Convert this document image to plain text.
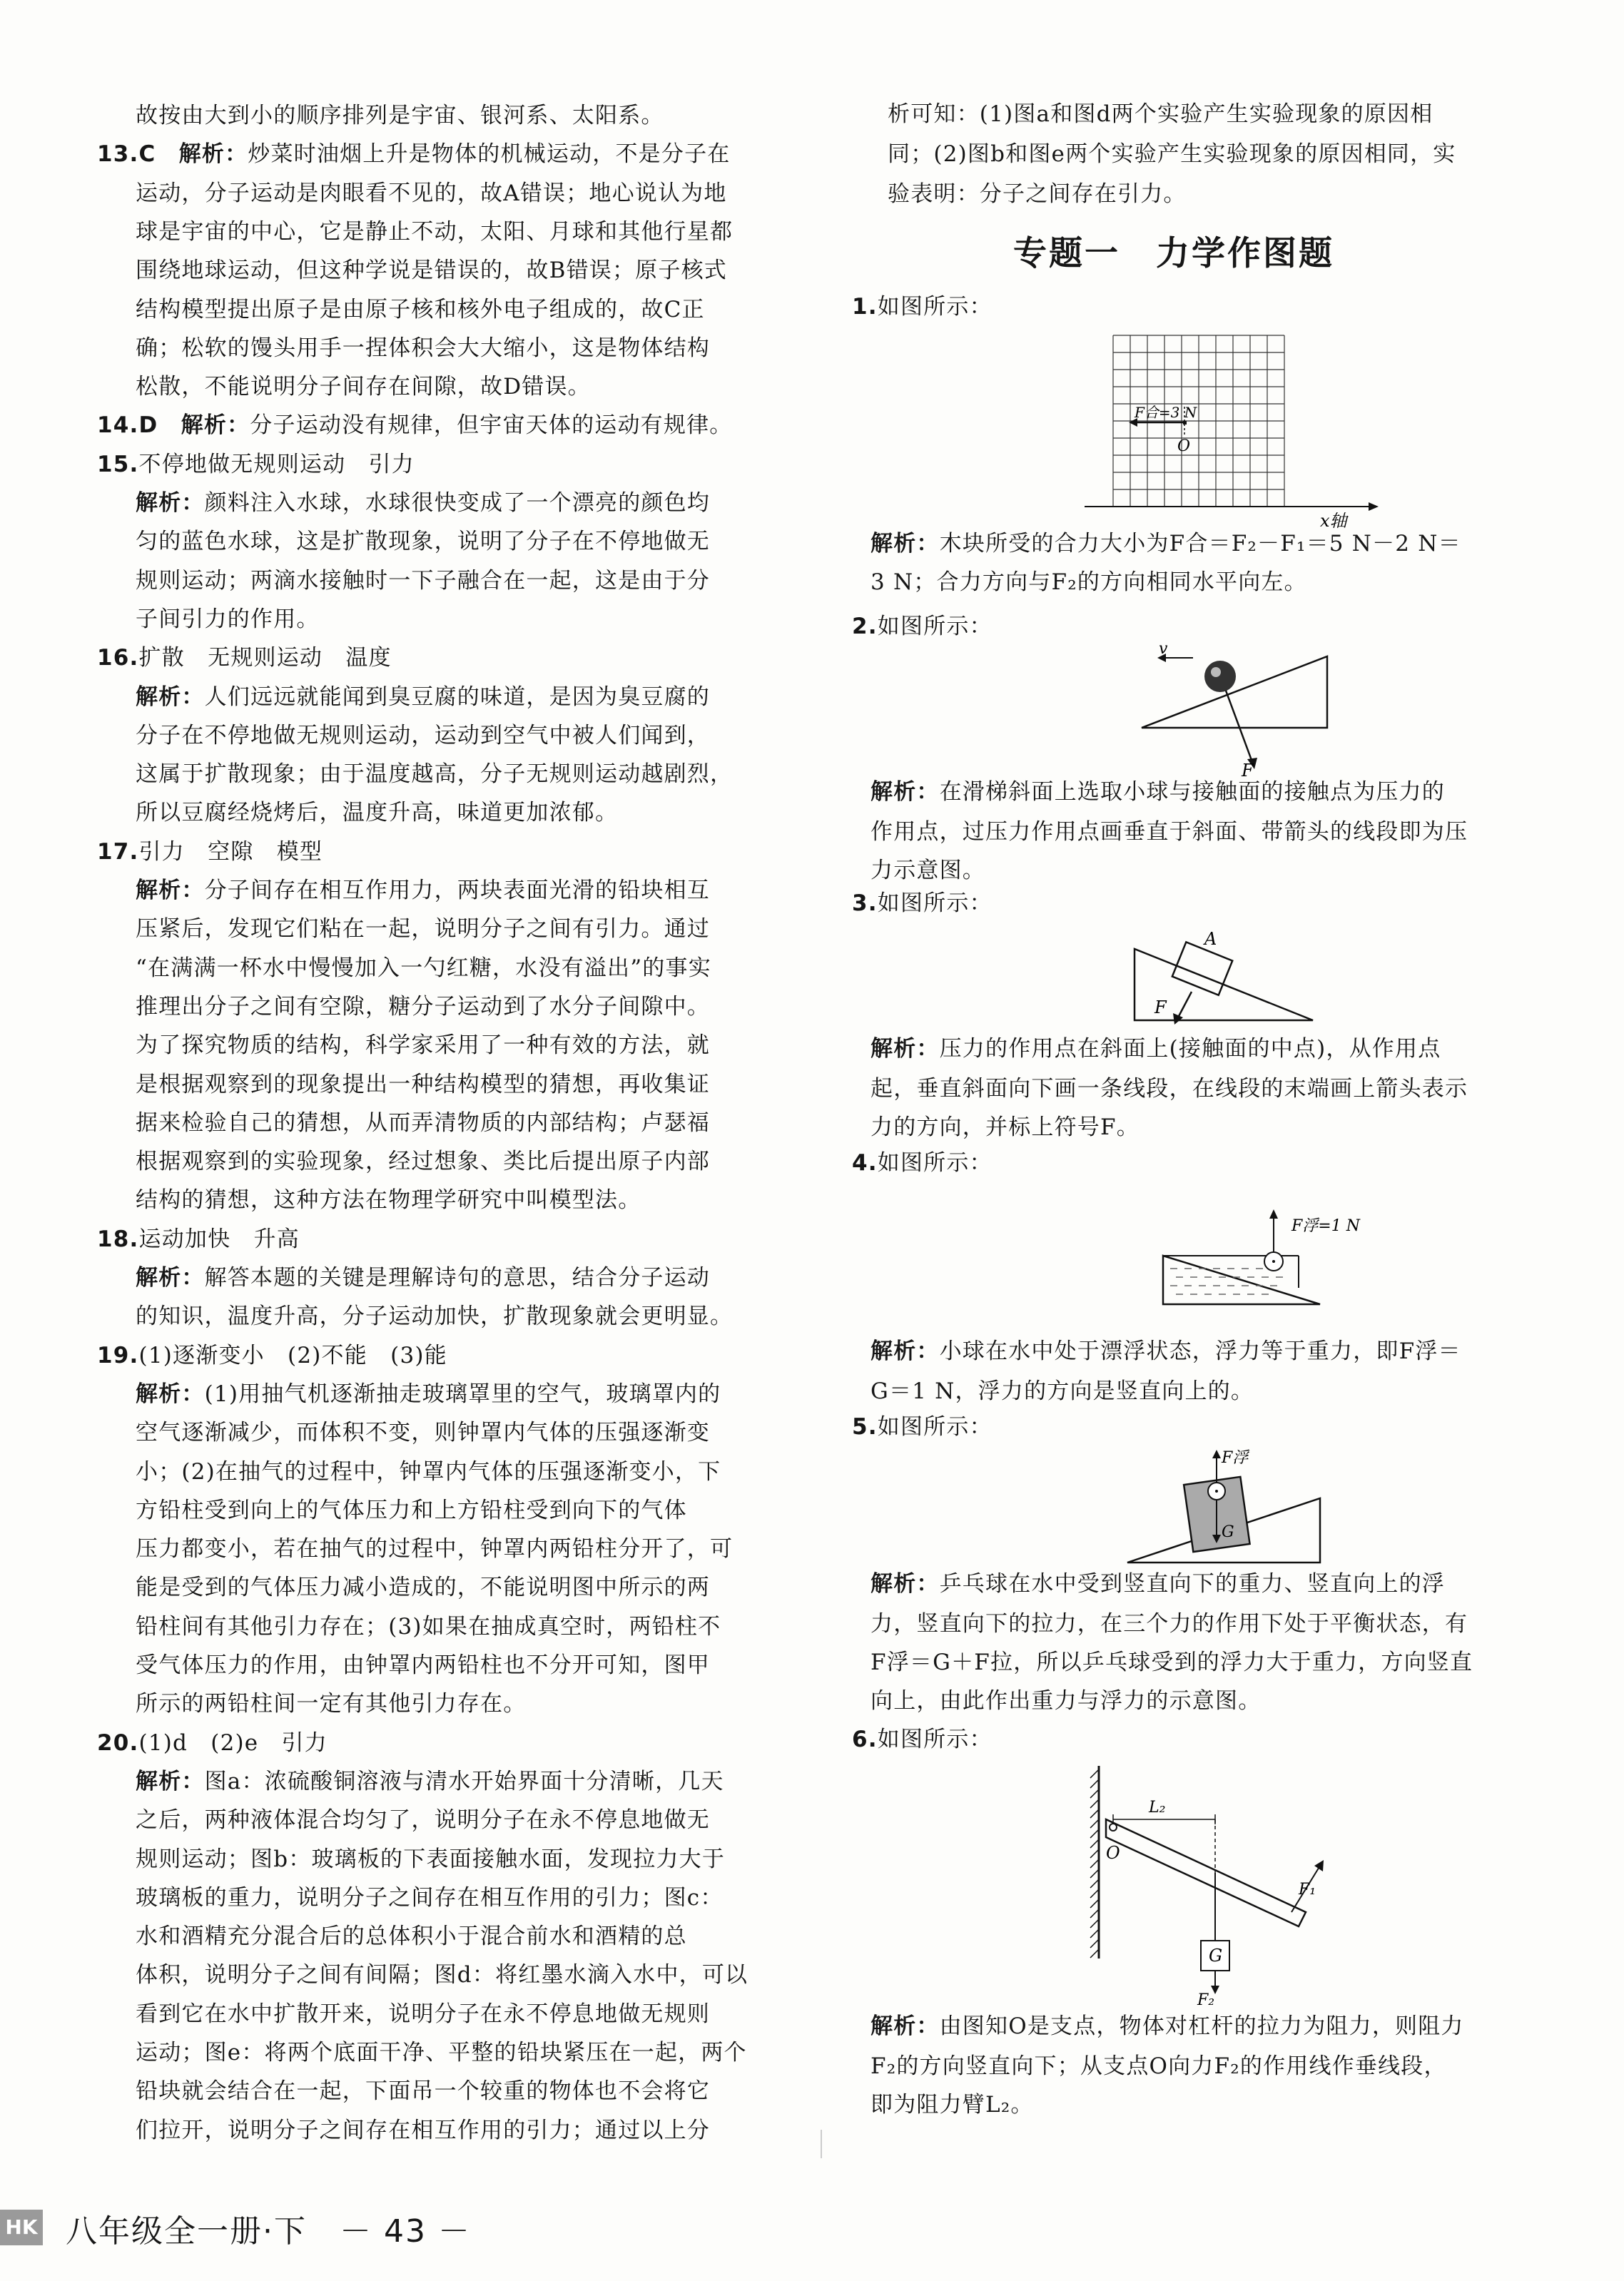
故按由大到小的顺序排列是宇宙、银河系、太阳系。
13.C　 解析：炒菜时油烟上升是物体的机械运动，不是分子在
运动，分子运动是肉眼看不见的，故A错误；地心说认为地
球是宇宙的中心，它是静止不动，太阳、月球和其他行星都
围绕地球运动，但这种学说是错误的，故B错误；原子核式
结构模型提出原子是由原子核和核外电子组成的，故C正
确；松软的馒头用手一捏体积会大大缩小，这是物体结构
松散，不能说明分子间存在间隙，故D错误。
14.D　 解析：分子运动没有规律，但宇宙天体的运动有规律。
15.不停地做无规则运动　引力
解析：颜料注入水球，水球很快变成了一个漂亮的颜色均
匀的蓝色水球，这是扩散现象，说明了分子在不停地做无
规则运动；两滴水接触时一下子融合在一起，这是由于分
子间引力的作用。
16.扩散　无规则运动　温度
解析：人们远远就能闻到臭豆腐的味道，是因为臭豆腐的
分子在不停地做无规则运动，运动到空气中被人们闻到，
这属于扩散现象；由于温度越高，分子无规则运动越剧烈，
所以豆腐经烧烤后，温度升高，味道更加浓郁。
17.引力　空隙　模型
解析：分子间存在相互作用力，两块表面光滑的铅块相互
压紧后，发现它们粘在一起，说明分子之间有引力。通过
“在满满一杯水中慢慢加入一勺红糖，水没有溢出”的事实
推理出分子之间有空隙，糖分子运动到了水分子间隙中。
为了探究物质的结构，科学家采用了一种有效的方法，就
是根据观察到的现象提出一种结构模型的猜想，再收集证
据来检验自己的猜想，从而弄清物质的内部结构；卢瑟福
根据观察到的实验现象，经过想象、类比后提出原子内部
结构的猜想，这种方法在物理学研究中叫模型法。
18.运动加快　升高
解析：解答本题的关键是理解诗句的意思，结合分子运动
的知识，温度升高，分子运动加快，扩散现象就会更明显。
19.(1)逐渐变小　(2)不能　(3)能
解析：(1)用抽气机逐渐抽走玻璃罩里的空气，玻璃罩内的
空气逐渐减少，而体积不变，则钟罩内气体的压强逐渐变
小；(2)在抽气的过程中，钟罩内气体的压强逐渐变小，下
方铅柱受到向上的气体压力和上方铅柱受到向下的气体
压力都变小，若在抽气的过程中，钟罩内两铅柱分开了，可
能是受到的气体压力减小造成的，不能说明图中所示的两
铅柱间有其他引力存在；(3)如果在抽成真空时，两铅柱不
受气体压力的作用，由钟罩内两铅柱也不分开可知，图甲
所示的两铅柱间一定有其他引力存在。
20.(1)d　(2)e　引力
解析：图a：浓硫酸铜溶液与清水开始界面十分清晰，几天
之后，两种液体混合均匀了，说明分子在永不停息地做无
规则运动；图b：玻璃板的下表面接触水面，发现拉力大于
玻璃板的重力，说明分子之间存在相互作用的引力；图c：
水和酒精充分混合后的总体积小于混合前水和酒精的总
体积，说明分子之间有间隔；图d：将红墨水滴入水中，可以
看到它在水中扩散开来，说明分子在永不停息地做无规则
运动；图e：将两个底面干净、平整的铅块紧压在一起，两个
铅块就会结合在一起，下面吊一个较重的物体也不会将它
们拉开，说明分子之间存在相互作用的引力；通过以上分
析可知：(1)图a和图d两个实验产生实验现象的原因相
同；(2)图b和图e两个实验产生实验现象的原因相同，实
验表明：分子之间存在引力。
专题一　力学作图题
1.如图所示：
F合=3 N
O
x轴
解析：木块所受的合力大小为F合＝F₂－F₁＝5 N－2 N＝
3 N；合力方向与F₂的方向相同水平向左。
2.如图所示：
v
F
解析：在滑梯斜面上选取小球与接触面的接触点为压力的
作用点，过压力作用点画垂直于斜面、带箭头的线段即为压
力示意图。
3.如图所示：
A
F
解析：压力的作用点在斜面上(接触面的中点)，从作用点
起，垂直斜面向下画一条线段，在线段的末端画上箭头表示
力的方向，并标上符号F。
4.如图所示：
F浮=1 N
解析：小球在水中处于漂浮状态，浮力等于重力，即F浮＝
G＝1 N，浮力的方向是竖直向上的。
5.如图所示：
F浮
G
解析：乒乓球在水中受到竖直向下的重力、竖直向上的浮
力，竖直向下的拉力，在三个力的作用下处于平衡状态，有
F浮＝G＋F拉，所以乒乓球受到的浮力大于重力，方向竖直
向上，由此作出重力与浮力的示意图。
6.如图所示：
O
L₂
G
F₂
F₁
解析：由图知O是支点，物体对杠杆的拉力为阻力，则阻力
F₂的方向竖直向下；从支点O向力F₂的作用线作垂线段，
即为阻力臂L₂。
HK 八年级全一册·下　－ 43 －
